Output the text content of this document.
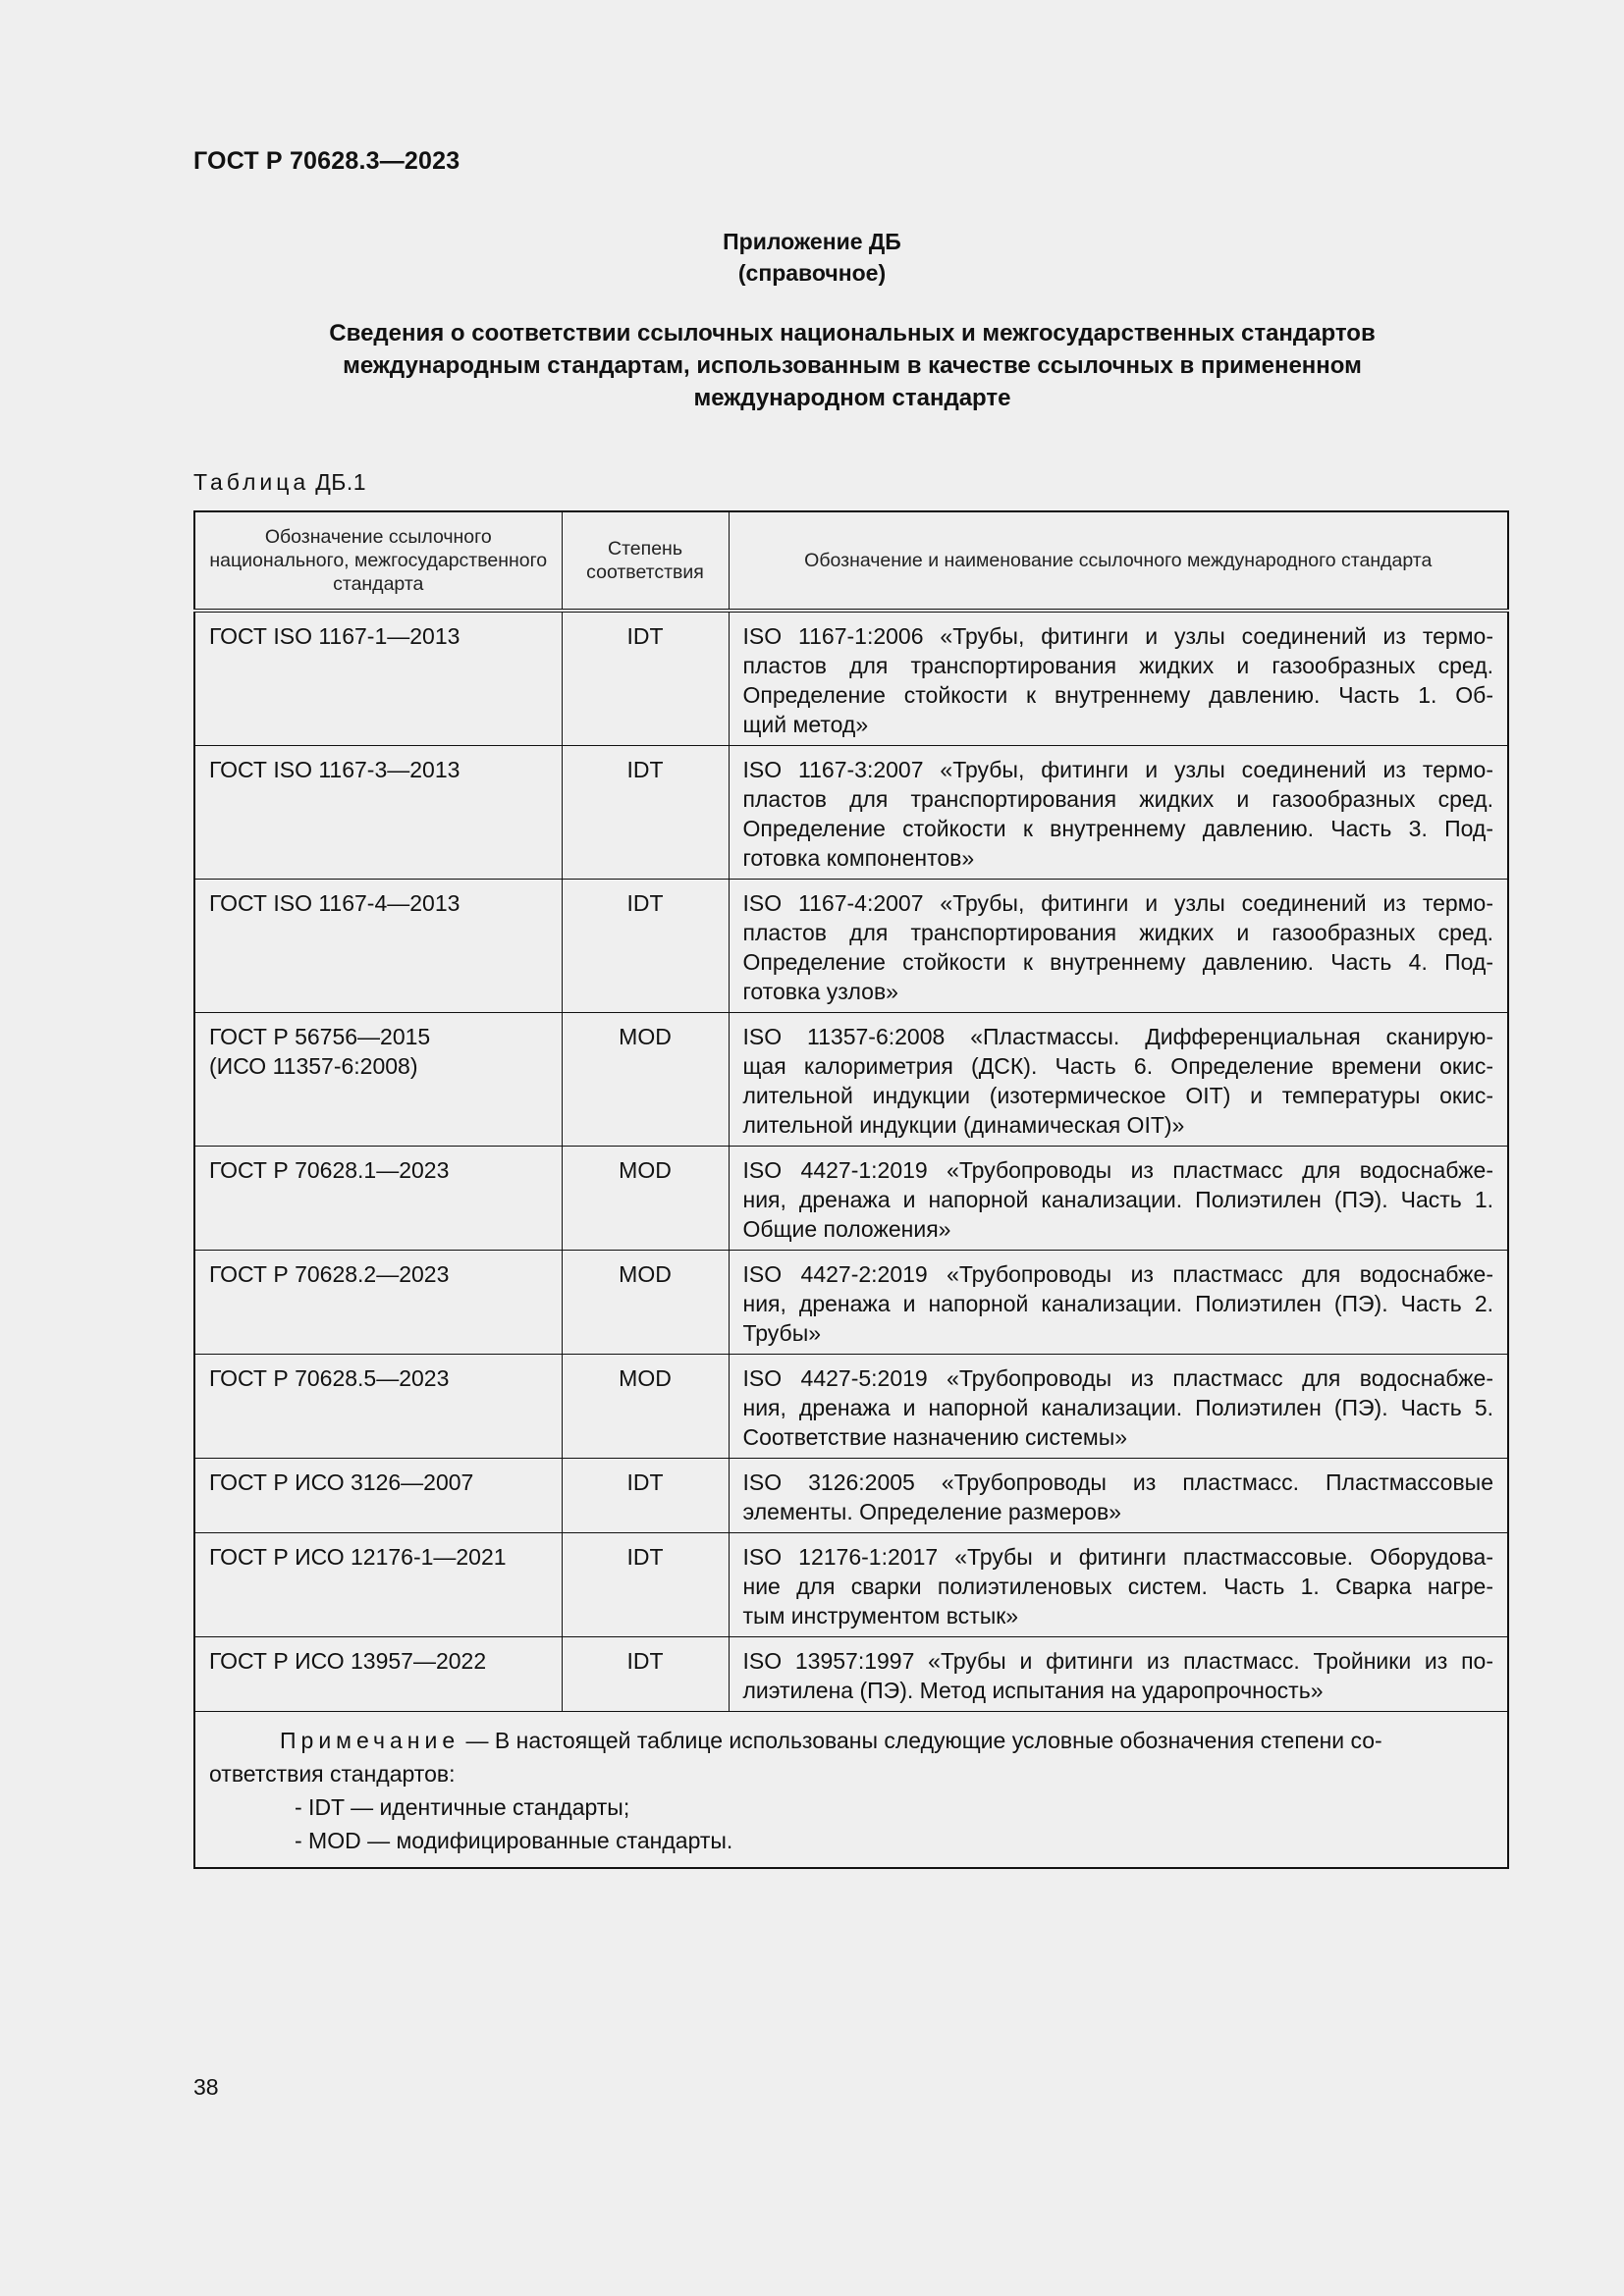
ГОСТ Р 70628.3—2023
Приложение ДБ
(справочное)
Сведения о соответствии ссылочных национальных и межгосударственных стандартов
международным стандартам, использованным в качестве ссылочных в примененном
международном стандарте
Таблица ДБ.1
Обозначение ссылочного национального, межгосударственного стандарта	Степень соответствия	Обозначение и наименование ссылочного международного стандарта
ГОСТ ISO 1167-1—2013	IDT	ISO 1167-1:2006 «Трубы, фитинги и узлы соединений из термо-
пластов для транспортирования жидких и газообразных сред.
Определение стойкости к внутреннему давлению. Часть 1. Об-
щий метод»

ГОСТ ISO 1167-3—2013	IDT	ISO 1167-3:2007 «Трубы, фитинги и узлы соединений из термо-
пластов для транспортирования жидких и газообразных сред.
Определение стойкости к внутреннему давлению. Часть 3. Под-
готовка компонентов»

ГОСТ ISO 1167-4—2013	IDT	ISO 1167-4:2007 «Трубы, фитинги и узлы соединений из термо-
пластов для транспортирования жидких и газообразных сред.
Определение стойкости к внутреннему давлению. Часть 4. Под-
готовка узлов»

ГОСТ Р 56756—2015
(ИСО 11357-6:2008)	MOD	ISO 11357-6:2008 «Пластмассы. Дифференциальная сканирую-
щая калориметрия (ДСК). Часть 6. Определение времени окис-
лительной индукции (изотермическое OIT) и температуры окис-
лительной индукции (динамическая OIT)»

ГОСТ Р 70628.1—2023	MOD	ISO 4427-1:2019 «Трубопроводы из пластмасс для водоснабже-
ния, дренажа и напорной канализации. Полиэтилен (ПЭ). Часть 1.
Общие положения»

ГОСТ Р 70628.2—2023	MOD	ISO 4427-2:2019 «Трубопроводы из пластмасс для водоснабже-
ния, дренажа и напорной канализации. Полиэтилен (ПЭ). Часть 2.
Трубы»

ГОСТ Р 70628.5—2023	MOD	ISO 4427-5:2019 «Трубопроводы из пластмасс для водоснабже-
ния, дренажа и напорной канализации. Полиэтилен (ПЭ). Часть 5.
Соответствие назначению системы»

ГОСТ Р ИСО 3126—2007	IDT	ISO 3126:2005 «Трубопроводы из пластмасс. Пластмассовые
элементы. Определение размеров»

ГОСТ Р ИСО 12176-1—2021	IDT	ISO 12176-1:2017 «Трубы и фитинги пластмассовые. Оборудова-
ние для сварки полиэтиленовых систем. Часть 1. Сварка нагре-
тым инструментом встык»

ГОСТ Р ИСО 13957—2022	IDT	ISO 13957:1997 «Трубы и фитинги из пластмасс. Тройники из по-
лиэтилена (ПЭ). Метод испытания на ударопрочность»

Примечание — В настоящей таблице использованы следующие условные обозначения степени со-
ответствия стандартов:
- IDT — идентичные стандарты;
- MOD — модифицированные стандарты.		
38
